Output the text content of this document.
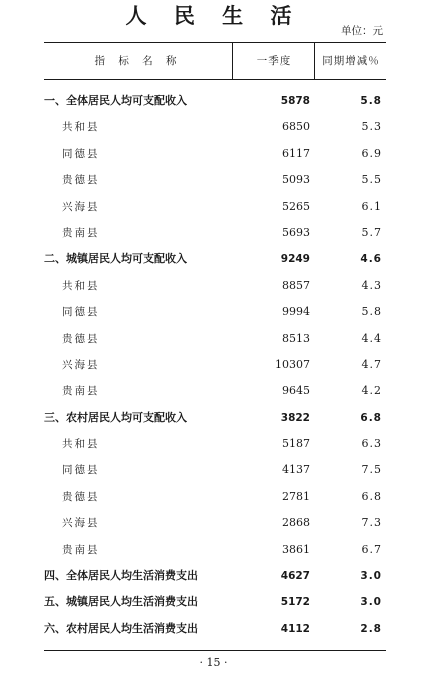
人 民 生 活
单位：元
指 标 名 称	一季度	同期增减％
一、全体居民人均可支配收入	5878	5.8
共和县	6850	5.3
同德县	6117	6.9
贵德县	5093	5.5
兴海县	5265	6.1
贵南县	5693	5.7
二、城镇居民人均可支配收入	9249	4.6
共和县	8857	4.3
同德县	9994	5.8
贵德县	8513	4.4
兴海县	10307	4.7
贵南县	9645	4.2
三、农村居民人均可支配收入	3822	6.8
共和县	5187	6.3
同德县	4137	7.5
贵德县	2781	6.8
兴海县	2868	7.3
贵南县	3861	6.7
四、全体居民人均生活消费支出	4627	3.0
五、城镇居民人均生活消费支出	5172	3.0
六、农村居民人均生活消费支出	4112	2.8
· 15 ·
